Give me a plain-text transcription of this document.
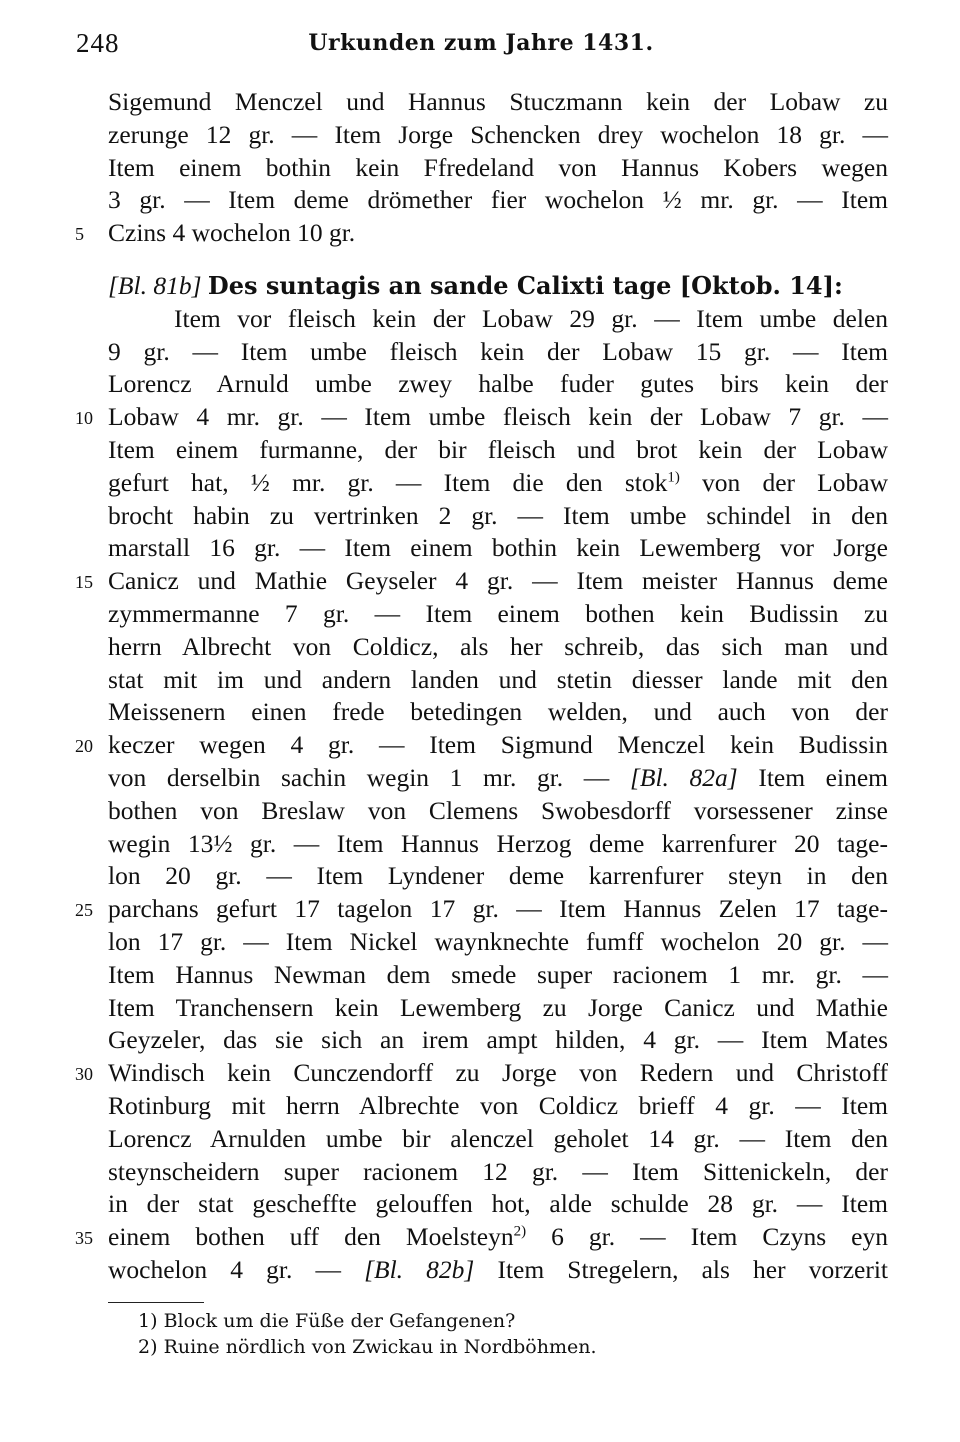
248	Urkunden zum Jahre 1431.
Sigemund Menczel und Hannus Stuczmann kein der Lobaw zu
zerunge 12 gr. — Item Jorge Schencken drey wochelon 18 gr. —
Item einem bothin kein Ffredeland von Hannus Kobers wegen
3 gr. — Item deme drömether fier wochelon ½ mr. gr. — Item
5 Czins 4 wochelon 10 gr.
[Bl. 81b] Des suntagis an sande Calixti tage [Oktob. 14]:
Item vor fleisch kein der Lobaw 29 gr. — Item umbe delen
9 gr. — Item umbe fleisch kein der Lobaw 15 gr. — Item
Lorencz Arnuld umbe zwey halbe fuder gutes birs kein der
10 Lobaw 4 mr. gr. — Item umbe fleisch kein der Lobaw 7 gr. —
Item einem furmanne, der bir fleisch und brot kein der Lobaw
gefurt hat, ½ mr. gr. — Item die den stok$^{1)}$ von der Lobaw
brocht habin zu vertrinken 2 gr. — Item umbe schindel in den
marstall 16 gr. — Item einem bothin kein Lewemberg vor Jorge
15 Canicz und Mathie Geyseler 4 gr. — Item meister Hannus deme
zymmermanne 7 gr. — Item einem bothen kein Budissin zu
herrn Albrecht von Coldicz, als her schreib, das sich man und
stat mit im und andern landen und stetin diesser lande mit den
Meissenern einen frede betedingen welden, und auch von der
20 keczer wegen 4 gr. — Item Sigmund Menczel kein Budissin
von derselbin sachin wegin 1 mr. gr. — [Bl. 82a] Item einem
bothen von Breslaw von Clemens Swobesdorff vorsessener zinse
wegin 13½ gr. — Item Hannus Herzog deme karrenfurer 20 tage-
lon 20 gr. — Item Lyndener deme karrenfurer steyn in den
25 parchans gefurt 17 tagelon 17 gr. — Item Hannus Zelen 17 tage-
lon 17 gr. — Item Nickel waynknechte fumff wochelon 20 gr. —
Item Hannus Newman dem smede super racionem 1 mr. gr. —
Item Tranchensern kein Lewemberg zu Jorge Canicz und Mathie
Geyzeler, das sie sich an irem ampt hilden, 4 gr. — Item Mates
30 Windisch kein Cunczendorff zu Jorge von Redern und Christoff
Rotinburg mit herrn Albrechte von Coldicz brieff 4 gr. — Item
Lorencz Arnulden umbe bir alenczel geholet 14 gr. — Item den
steynscheidern super racionem 12 gr. — Item Sittenickeln, der
in der stat gescheffte gelouffen hot, alde schulde 28 gr. — Item
35 einem bothen uff den Moelsteyn$^{2)}$ 6 gr. — Item Czyns eyn
wochelon 4 gr. — [Bl. 82b] Item Stregelern, als her vorzerit
1) Block um die Füße der Gefangenen?
2) Ruine nördlich von Zwickau in Nordböhmen.
